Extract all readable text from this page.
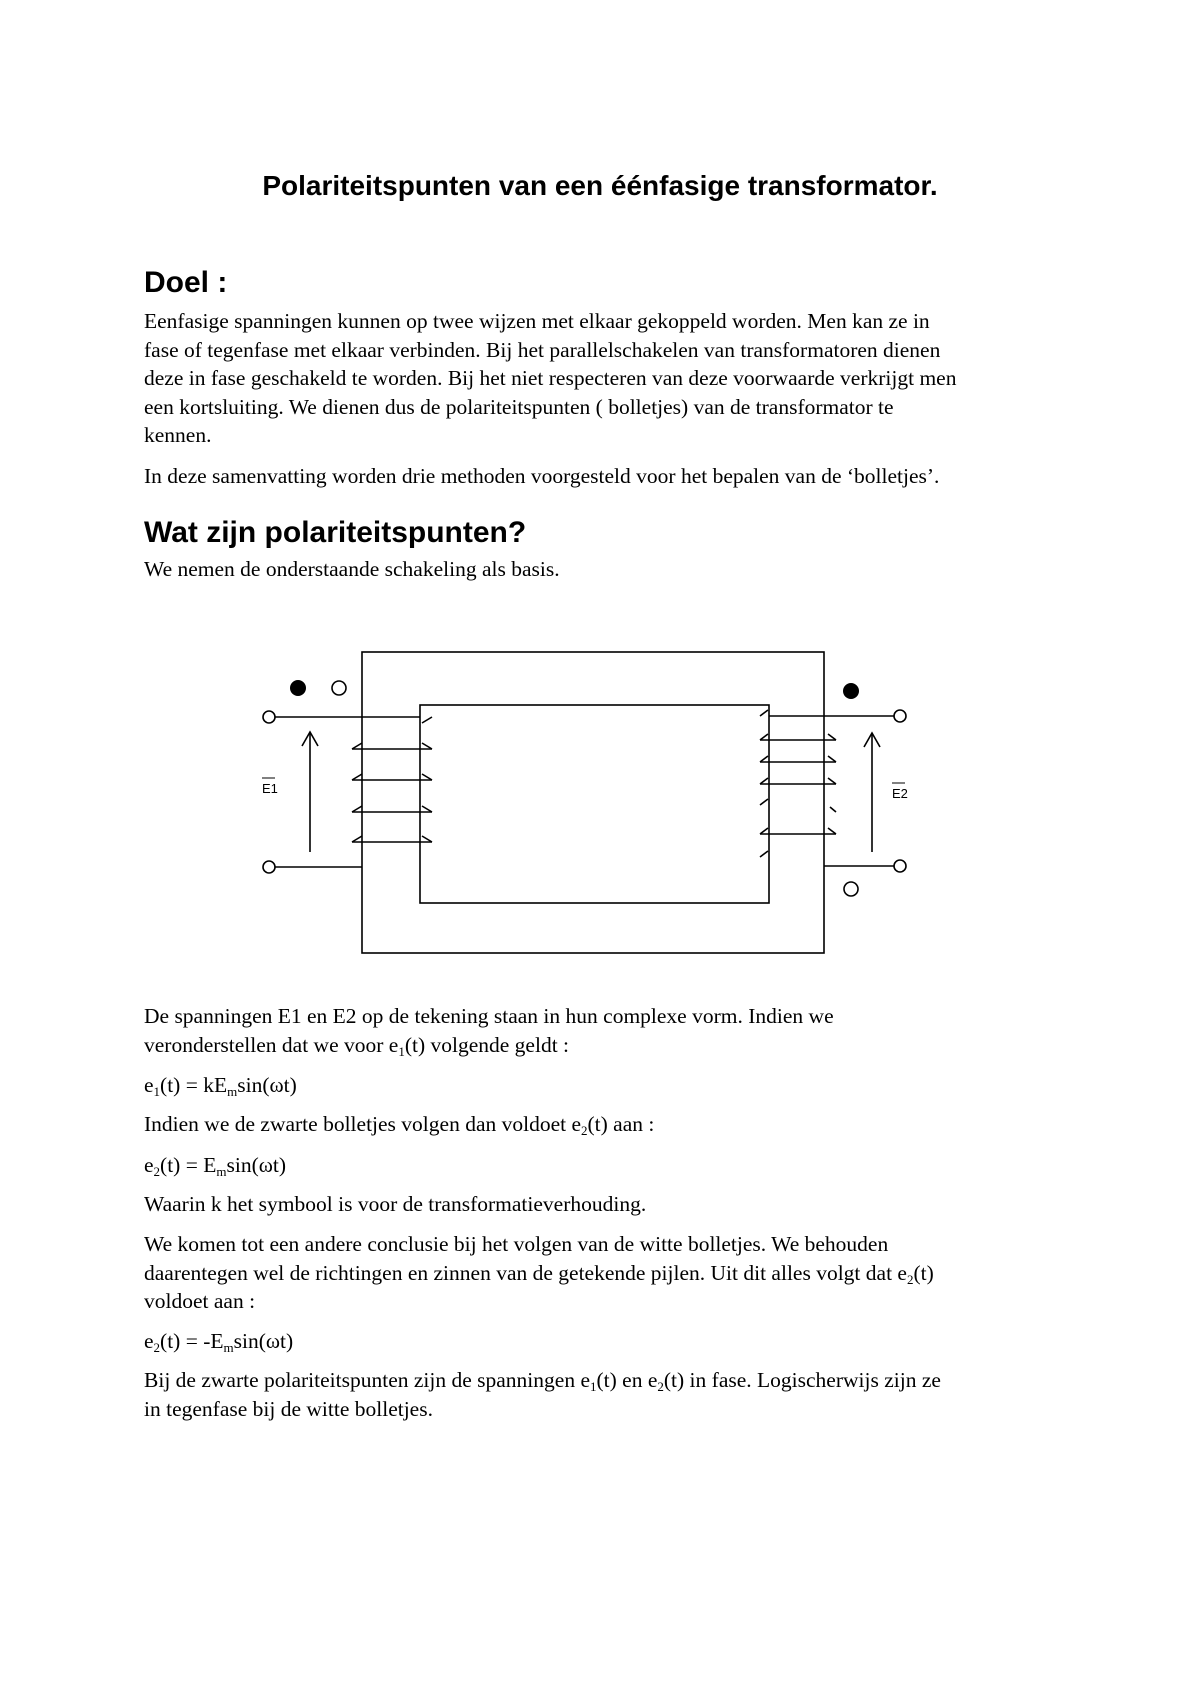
Polariteitspunten van een éénfasige transformator.
Doel :
Eenfasige spanningen kunnen op twee wijzen met elkaar gekoppeld worden. Men kan ze in
fase of tegenfase met elkaar verbinden. Bij het parallelschakelen van transformatoren dienen
deze in fase geschakeld te worden. Bij het niet respecteren van deze voorwaarde verkrijgt men
een kortsluiting. We dienen dus de polariteitspunten ( bolletjes) van de transformator te
kennen.
In deze samenvatting worden drie methoden voorgesteld voor het bepalen van de ‘bolletjes’.
Wat zijn polariteitspunten?
We nemen de onderstaande schakeling als basis.
E1	E2
De spanningen E1 en E2 op de tekening staan in hun complexe vorm. Indien we
veronderstellen dat we voor $e_1(t)$ volgende geldt :
$e_1(t) = kE_m\sin(\omega t)$
Indien we de zwarte bolletjes volgen dan voldoet $e_2(t)$ aan :
$e_2(t) = E_m\sin(\omega t)$
Waarin k het symbool is voor de transformatieverhouding.
We komen tot een andere conclusie bij het volgen van de witte bolletjes. We behouden
daarentegen wel de richtingen en zinnen van de getekende pijlen. Uit dit alles volgt dat $e_2(t)$
voldoet aan :
$e_2(t) = -E_m\sin(\omega t)$
Bij de zwarte polariteitspunten zijn de spanningen $e_1(t)$ en $e_2(t)$ in fase. Logischerwijs zijn ze
in tegenfase bij de witte bolletjes.
